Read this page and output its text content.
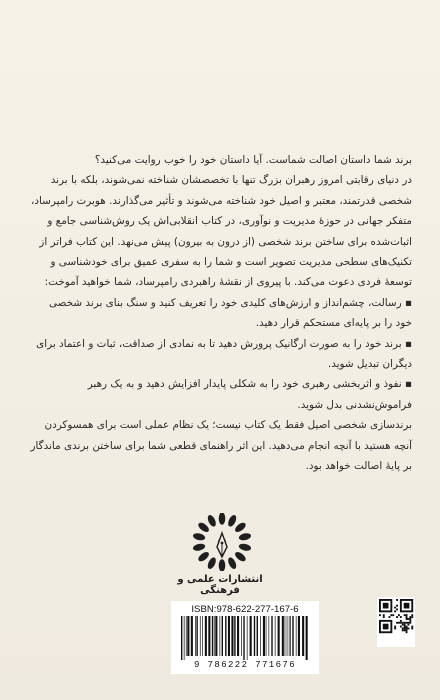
برند شما داستان اصالت شماست. آیا داستان خود را خوب روایت می‌کنید؟

در دنیای رقابتی امروز رهبران بزرگ تنها با تخصصشان شناخته نمی‌شوند، بلکه با برند شخصی قدرتمند، معتبر و اصیل خود شناخته می‌شوند و تأثیر می‌گذارند. هوبرت رامپرساد، متفکر جهانی در حوزهٔ مدیریت و نوآوری، در کتاب انقلابی‌اش یک روش‌شناسی جامع و اثبات‌شده برای ساختن برند شخصی (از درون به بیرون) پیش می‌نهد. این کتاب فراتر از تکنیک‌های سطحی مدیریت تصویر است و شما را به سفری عمیق برای خودشناسی و توسعهٔ فردی دعوت می‌کند. با پیروی از نقشهٔ راهبردی رامپرساد، شما خواهید آموخت:

▪ رسالت، چشم‌انداز و ارزش‌های کلیدی خود را تعریف کنید و سنگ بنای برند شخصی خود را بر پایه‌ای مستحکم قرار دهید.

▪ برند خود را به صورت ارگانیک پرورش دهید تا به نمادی از صداقت، ثبات و اعتماد برای دیگران تبدیل شوید.

▪ نفوذ و اثربخشی رهبری خود را به شکلی پایدار افزایش دهید و به یک رهبر فراموش‌نشدنی بدل شوید.

برندسازی شخصی اصیل فقط یک کتاب نیست؛ یک نظام عملی است برای همسوکردن آنچه هستید با آنچه انجام می‌دهید. این اثر راهنمای قطعی شما برای ساختن برندی ماندگار بر پایهٔ اصالت خواهد بود.

انتشارات علمی و فرهنگی
ISBN:978-622-277-167-6
9 786222 771676
